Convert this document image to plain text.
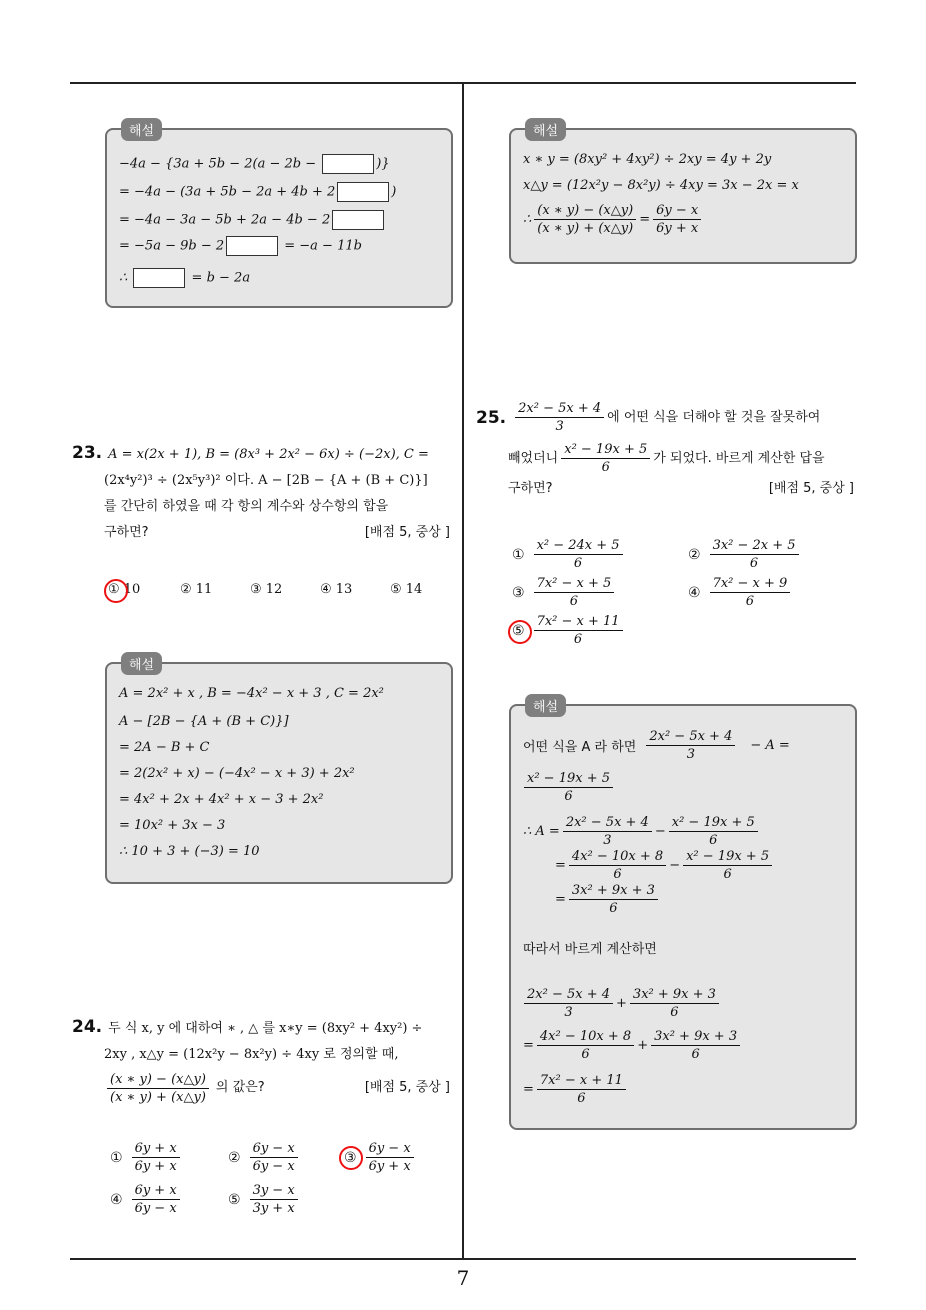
해설
−4a − {3a + 5b − 2(a − 2b −	)}
= −4a − (3a + 5b − 2a + 4b + 2	)
= −4a − 3a − 5b + 2a − 4b − 2
= −5a − 9b − 2	= −a − 11b
∴	= b − 2a
23. A = x(2x + 1), B = (8x³ + 2x² − 6x) ÷ (−2x), C =
(2x⁴y²)³ ÷ (2x⁵y³)² 이다. A − [2B − {A + (B + C)}]
를 간단히 하였을 때 각 항의 계수와 상수항의 합을
구하면?	[배점 5, 중상 ]
① 10	② 11	③ 12	④ 13	⑤ 14
해설
A = 2x² + x , B = −4x² − x + 3 , C = 2x²
A − [2B − {A + (B + C)}]
= 2A − B + C
= 2(2x² + x) − (−4x² − x + 3) + 2x²
= 4x² + 2x + 4x² + x − 3 + 2x²
= 10x² + 3x − 3
∴ 10 + 3 + (−3) = 10
24. 두 식 x, y 에 대하여 ∗ , △ 를 x∗y = (8xy² + 4xy²) ÷
2xy , x△y = (12x²y − 8x²y) ÷ 4xy 로 정의할 때,
$\frac{(x ∗ y) - (x\triangle y)}{(x ∗ y) + (x\triangle y)}$ 의 값은?	[배점 5, 중상 ]
① $\frac{6y + x}{6y + x}$	② $\frac{6y - x}{6y - x}$	③ $\frac{6y - x}{6y + x}$
④ $\frac{6y + x}{6y - x}$	⑤ $\frac{3y - x}{3y + x}$
해설
x ∗ y = (8xy² + 4xy²) ÷ 2xy = 4y + 2y
x△y = (12x²y − 8x²y) ÷ 4xy = 3x − 2x = x
∴ $\frac{(x ∗ y) - (x\triangle y)}{(x ∗ y) + (x\triangle y)} = \frac{6y - x}{6y + x}$
25. $\frac{\text{2x² − 5x + 4}}{3}$ 에 어떤 식을 더해야 할 것을 잘못하여
빼었더니 $\frac{\text{x² − 19x + 5}}{6}$ 가 되었다. 바르게 계산한 답을
구하면?	[배점 5, 중상 ]
① $\frac{\text{x² − 24x + 5}}{6}$	② $\frac{\text{3x² − 2x + 5}}{6}$
③ $\frac{\text{7x² − x + 5}}{6}$	④ $\frac{\text{7x² − x + 9}}{6}$
⑤ $\frac{\text{7x² − x + 11}}{6}$
해설
어떤 식을 A 라 하면 $\frac{\text{2x² − 5x + 4}}{3} - A$ =
$\frac{\text{x² − 19x + 5}}{6}$
∴ $A = \frac{\text{2x² − 5x + 4}}{3} - \frac{\text{x² − 19x + 5}}{6}$
= $\frac{\text{4x² − 10x + 8}}{6} - \frac{\text{x² − 19x + 5}}{6}$
= $\frac{\text{3x² + 9x + 3}}{6}$
따라서 바르게 계산하면
$\frac{\text{2x² − 5x + 4}}{3} + \frac{\text{3x² + 9x + 3}}{6}$
= $\frac{\text{4x² − 10x + 8}}{6} + \frac{\text{3x² + 9x + 3}}{6}$
= $\frac{\text{7x² − x + 11}}{6}$
7
